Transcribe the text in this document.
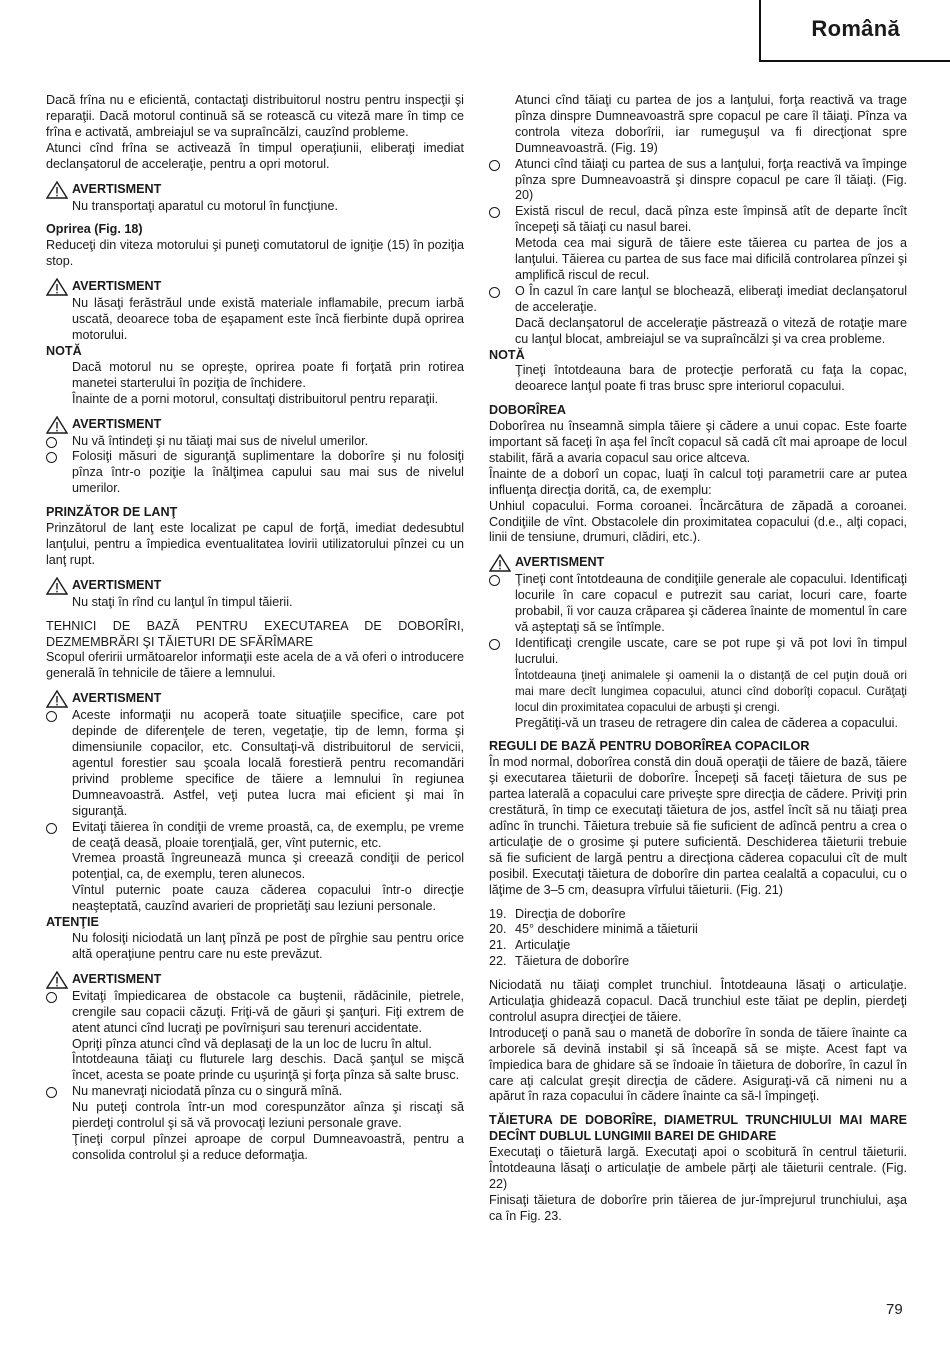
Română

Dacă frîna nu e eficientă, contactaţi distribuitorul nostru pentru inspecţii şi reparaţii. Dacă motorul continuă să se rotească cu viteză mare în timp ce frîna e activată, ambreiajul se va supraîncălzi, cauzînd probleme.

Atunci cînd frîna se activează în timpul operaţiunii, eliberaţi imediat declanşatorul de acceleraţie, pentru a opri motorul.

AVERTISMENT

Nu transportaţi aparatul cu motorul în funcţiune.

Oprirea (Fig. 18)

Reduceţi din viteza motorului şi puneţi comutatorul de igniţie (15) în poziţia stop.

AVERTISMENT

Nu lăsaţi ferăstrăul unde există materiale inflamabile, precum iarbă uscată, deoarece toba de eşapament este încă fierbinte după oprirea motorului.

NOTĂ

Dacă motorul nu se opreşte, oprirea poate fi forţată prin rotirea manetei starterului în poziţia de închidere.

Înainte de a porni motorul, consultaţi distribuitorul pentru reparaţii.

AVERTISMENT

Nu vă întindeţi şi nu tăiaţi mai sus de nivelul umerilor.

Folosiţi măsuri de siguranţă suplimentare la doborîre şi nu folosiţi pînza într-o poziţie la înălţimea capului sau mai sus de nivelul umerilor.

PRINZĂTOR DE LANŢ

Prinzătorul de lanţ este localizat pe capul de forţă, imediat dedesubtul lanţului, pentru a împiedica eventualitatea lovirii utilizatorului pînzei cu un lanţ rupt.

AVERTISMENT

Nu staţi în rînd cu lanţul în timpul tăierii.

TEHNICI DE BAZĂ PENTRU EXECUTAREA DE DOBORÎRI, DEZMEMBRĂRI ŞI TĂIETURI DE SFĂRÎMARE

Scopul oferirii următoarelor informaţii este acela de a vă oferi o introducere generală în tehnicile de tăiere a lemnului.

AVERTISMENT

Aceste informaţii nu acoperă toate situaţiile specifice, care pot depinde de diferenţele de teren, vegetaţie, tip de lemn, forma şi dimensiunile copacilor, etc. Consultaţi-vă distribuitorul de servicii, agentul forestier sau şcoala locală forestieră pentru recomandări privind probleme specifice de tăiere a lemnului în regiunea Dumneavoastră. Astfel, veţi putea lucra mai eficient şi mai în siguranţă.

Evitaţi tăierea în condiţii de vreme proastă, ca, de exemplu, pe vreme de ceaţă deasă, ploaie torenţială, ger, vînt puternic, etc.

Vremea proastă îngreunează munca şi creează condiţii de pericol potenţial, ca, de exemplu, teren alunecos.

Vîntul puternic poate cauza căderea copacului într-o direcţie neaşteptată, cauzînd avarieri de proprietăţi sau leziuni personale.

ATENŢIE

Nu folosiţi niciodată un lanţ pînză pe post de pîrghie sau pentru orice altă operaţiune pentru care nu este prevăzut.

AVERTISMENT

Evitaţi împiedicarea de obstacole ca buştenii, rădăcinile, pietrele, crengile sau copacii căzuţi. Friţi-vă de găuri şi şanţuri. Fiţi extrem de atent atunci cînd lucraţi pe povîrnişuri sau terenuri accidentate.

Opriţi pînza atunci cînd vă deplasaţi de la un loc de lucru în altul.

Întotdeauna tăiaţi cu fluturele larg deschis. Dacă şanţul se mişcă încet, acesta se poate prinde cu uşurinţă şi forţa pînza să salte brusc.

Nu manevraţi niciodată pînza cu o singură mînă.

Nu puteţi controla într-un mod corespunzător aînza şi riscaţi să pierdeţi controlul şi să vă provocaţi leziuni personale grave.

Ţineţi corpul pînzei aproape de corpul Dumneavoastră, pentru a consolida controlul şi a reduce deformaţia.

Atunci cînd tăiaţi cu partea de jos a lanţului, forţa reactivă va trage pînza dinspre Dumneavoastră spre copacul pe care îl tăiaţi. Pînza va controla viteza doborîrii, iar rumeguşul va fi direcţionat spre Dumneavoastră. (Fig. 19)

Atunci cînd tăiaţi cu partea de sus a lanţului, forţa reactivă va împinge pînza spre Dumneavoastră şi dinspre copacul pe care îl tăiaţi. (Fig. 20)

Există riscul de recul, dacă pînza este împinsă atît de departe încît începeţi să tăiaţi cu nasul barei.

Metoda cea mai sigură de tăiere este tăierea cu partea de jos a lanţului. Tăierea cu partea de sus face mai dificilă controlarea pînzei şi amplifică riscul de recul.

O În cazul în care lanţul se blochează, eliberaţi imediat declanşatorul de acceleraţie.

Dacă declanşatorul de acceleraţie păstrează o viteză de rotaţie mare cu lanţul blocat, ambreiajul se va supraîncălzi şi va crea probleme.

NOTĂ

Ţineţi întotdeauna bara de protecţie perforată cu faţa la copac, deoarece lanţul poate fi tras brusc spre interiorul copacului.

DOBORÎREA

Doborîrea nu înseamnă simpla tăiere şi cădere a unui copac. Este foarte important să faceţi în aşa fel încît copacul să cadă cît mai aproape de locul stabilit, fără a avaria copacul sau orice altceva.

Înainte de a doborî un copac, luaţi în calcul toţi parametrii care ar putea influenţa direcţia dorită, ca, de exemplu:

Unhiul copacului. Forma coroanei. Încărcătura de zăpadă a coroanei. Condiţiile de vînt. Obstacolele din proximitatea copacului (d.e., alţi copaci, linii de tensiune, drumuri, clădiri, etc.).

AVERTISMENT

Ţineţi cont întotdeauna de condiţiile generale ale copacului. Identificaţi locurile în care copacul e putrezit sau cariat, locuri care, foarte probabil, îi vor cauza crăparea şi căderea înainte de momentul în care vă aşteptaţi să se întîmple.

Identificaţi crengile uscate, care se pot rupe şi vă pot lovi în timpul lucrului.

Întotdeauna ţineţi animalele şi oamenii la o distanţă de cel puţin două ori mai mare decît lungimea copacului, atunci cînd doborîţi copacul. Curăţaţi locul din proximitatea copacului de arbuşti şi crengi.

Pregătiţi-vă un traseu de retragere din calea de căderea a copacului.

REGULI DE BAZĂ PENTRU DOBORÎREA COPACILOR

În mod normal, doborîrea constă din două operaţii de tăiere de bază, tăiere şi executarea tăieturii de doborîre. Începeţi să faceţi tăietura de sus pe partea laterală a copacului care priveşte spre direcţia de cădere. Priviţi prin crestătură, în timp ce executaţi tăietura de jos, astfel încît să nu tăiaţi prea adînc în trunchi. Tăietura trebuie să fie suficient de adîncă pentru a crea o articulaţie de o grosime şi putere suficientă. Deschiderea tăieturii trebuie să fie suficient de largă pentru a direcţiona căderea copacului cît de mult posibil. Executaţi tăietura de doborîre din partea cealaltă a copacului, cu o lăţime de 3–5 cm, deasupra vîrfului tăieturii. (Fig. 21)

19. Direcţia de doborîre

20. 45° deschidere minimă a tăieturii

21. Articulaţie

22. Tăietura de doborîre

Niciodată nu tăiaţi complet trunchiul. Întotdeauna lăsaţi o articulaţie. Articulaţia ghidează copacul. Dacă trunchiul este tăiat pe deplin, pierdeţi controlul asupra direcţiei de tăiere.

Introduceţi o pană sau o manetă de doborîre în sonda de tăiere înainte ca arborele să devină instabil şi să înceapă să se mişte. Acest fapt va împiedica bara de ghidare să se îndoaie în tăietura de doborîre, în cazul în care aţi calculat greşit direcţia de cădere. Asiguraţi-vă că nimeni nu a apărut în raza copacului în cădere înainte ca să-l împingeţi.

TĂIETURA DE DOBORÎRE, DIAMETRUL TRUNCHIULUI MAI MARE DECÎNT DUBLUL LUNGIMII BAREI DE GHIDARE

Executaţi o tăietură largă. Executaţi apoi o scobitură în centrul tăieturii. Întotdeauna lăsaţi o articulaţie de ambele părţi ale tăieturii centrale. (Fig. 22)

Finisaţi tăietura de doborîre prin tăierea de jur-împrejurul trunchiului, aşa ca în Fig. 23.

79
